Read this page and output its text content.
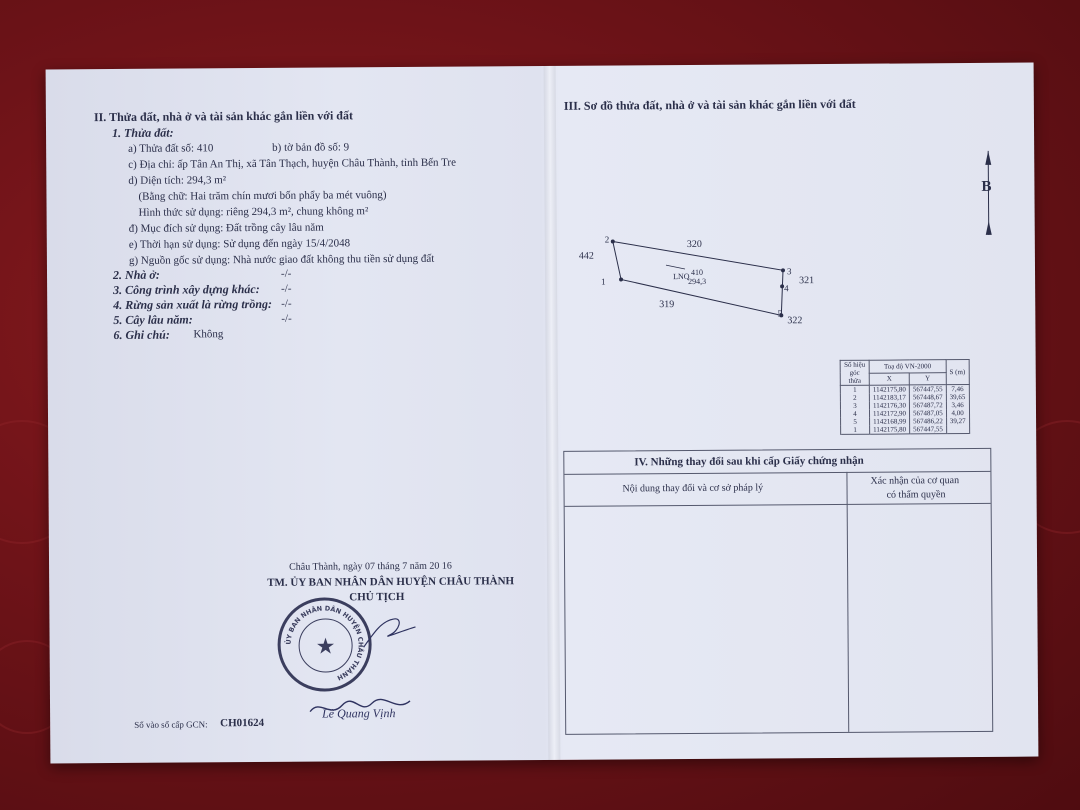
II. Thửa đất, nhà ở và tài sản khác gắn liền với đất
1. Thửa đất:
a) Thửa đất số: 410	b) tờ bản đồ số: 9
c) Địa chỉ: ấp Tân An Thị, xã Tân Thạch, huyện Châu Thành, tỉnh Bến Tre
d) Diện tích: 294,3 m²
(Bằng chữ: Hai trăm chín mươi bốn phẩy ba mét vuông)
Hình thức sử dụng: riêng 294,3 m², chung không m²
đ) Mục đích sử dụng: Đất trồng cây lâu năm
e) Thời hạn sử dụng: Sử dụng đến ngày 15/4/2048
g) Nguồn gốc sử dụng: Nhà nước giao đất không thu tiền sử dụng đất
2. Nhà ở:	-/-
3. Công trình xây dựng khác: -/-
4. Rừng sản xuất là rừng trồng: -/-
5. Cây lâu năm:	-/-
6. Ghi chú: Không
Châu Thành, ngày 07 tháng 7 năm 20 16
TM. ỦY BAN NHÂN DÂN HUYỆN CHÂU THÀNH
CHỦ TỊCH
ỦY BAN NHÂN DÂN HUYỆN CHÂU THÀNH
★
Lê Quang Vịnh
Số vào sổ cấp GCN: CH01624
III. Sơ đồ thửa đất, nhà ở và tài sản khác gắn liền với đất
B
2
1
3
4
5
320
442
321
319
322
LNQ 410
294,3
Số hiệu góc thửa	Toạ độ VN-2000		S (m)
	X	Y	
1	1142175,80	567447,55	7,46
2	1142183,17	567448,67	39,65
3	1142176,30	567487,72	3,46
4	1142172,90	567487,05	4,00
5	1142168,99	567486,22	39,27
1	1142175,80	567447,55	
IV. Những thay đổi sau khi cấp Giấy chứng nhận
Nội dung thay đổi và cơ sở pháp lý
Xác nhận của cơ quan
có thẩm quyền
